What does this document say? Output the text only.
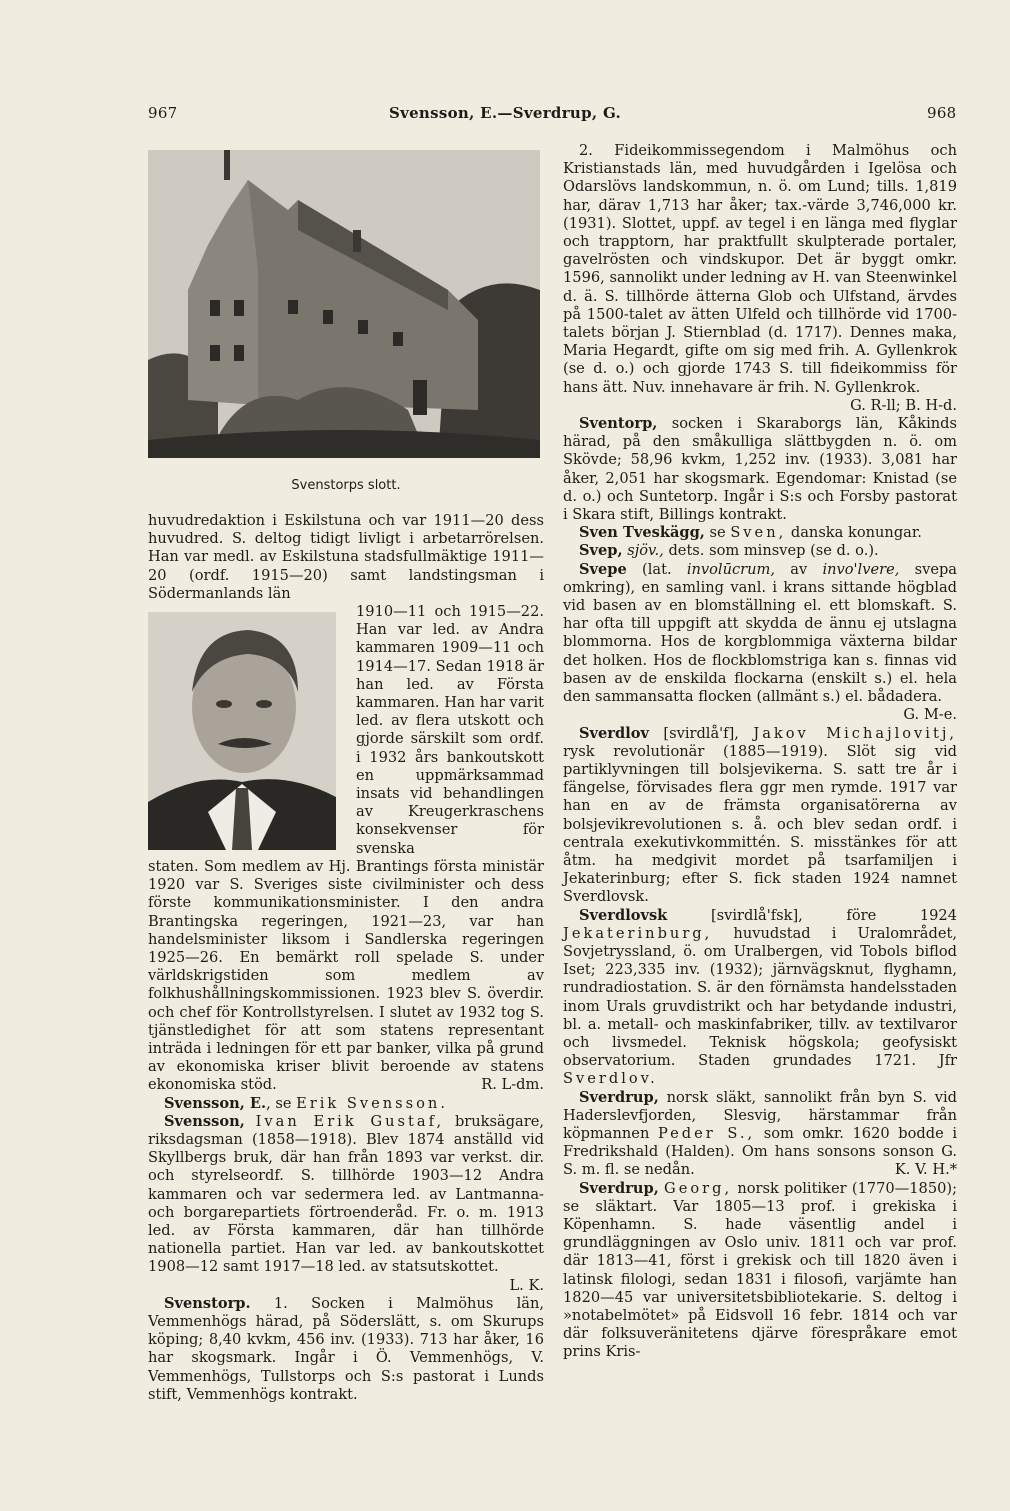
967	Svensson, E.—Sverdrup, G.	968
Svenstorps slott.

huvudredaktion i Eskilstuna och var 1911—20 dess huvudred. S. deltog tidigt livligt i arbetarrörelsen. Han var medl. av Eskilstuna stadsfullmäktige 1911—20 (ordf. 1915—20) samt landstingsman i Södermanlands län

1910—11 och 1915—22. Han var led. av Andra kammaren 1909—11 och 1914—17. Sedan 1918 är han led. av Första kammaren. Han har varit led. av flera utskott och gjorde särskilt som ordf. i 1932 års bankoutskott en uppmärksammad insats vid behandlingen av Kreugerkraschens konsekvenser för svenska

staten. Som medlem av Hj. Brantings första ministär 1920 var S. Sveriges siste civilminister och dess förste kommunikationsminister. I den andra Brantingska regeringen, 1921—23, var han handelsminister liksom i Sandlerska regeringen 1925—26. En bemärkt roll spelade S. under världskrigstiden som medlem av folkhushållningskommissionen. 1923 blev S. överdir. och chef för Kontrollstyrelsen. I slutet av 1932 tog S. tjänstledighet för att som statens representant inträda i ledningen för ett par banker, vilka på grund av ekonomiska kriser blivit beroende av statens ekonomiska stöd.	R. L-dm.

Svensson, E., se Erik Svensson.

Svensson, Ivan Erik Gustaf, bruksägare, riksdagsman (1858—1918). Blev 1874 anställd vid Skyllbergs bruk, där han från 1893 var verkst. dir. och styrelseordf. S. tillhörde 1903—12 Andra kammaren och var sedermera led. av Lantmanna- och borgarepartiets förtroenderåd. Fr. o. m. 1913 led. av Första kammaren, där han tillhörde nationella partiet. Han var led. av bankoutskottet 1908—12 samt 1917—18 led. av statsutskottet.
L. K.

Svenstorp. 1. Socken i Malmöhus län, Vemmenhögs härad, på Söderslätt, s. om Skurups köping; 8,40 kvkm, 456 inv. (1933). 713 har åker, 16 har skogsmark. Ingår i Ö. Vemmenhögs, V. Vemmenhögs, Tullstorps och S:s pastorat i Lunds stift, Vemmenhögs kontrakt.

2. Fideikommissegendom i Malmöhus och Kristianstads län, med huvudgården i Igelösa och Odarslövs landskommun, n. ö. om Lund; tills. 1,819 har, därav 1,713 har åker; tax.-värde 3,746,000 kr. (1931). Slottet, uppf. av tegel i en länga med flyglar och trapptorn, har praktfullt skulpterade portaler, gavelrösten och vindskupor. Det är byggt omkr. 1596, sannolikt under ledning av H. van Steenwinkel d. ä. S. tillhörde ätterna Glob och Ulfstand, ärvdes på 1500-talet av ätten Ulfeld och tillhörde vid 1700-talets början J. Stiernblad (d. 1717). Dennes maka, Maria Hegardt, gifte om sig med frih. A. Gyllenkrok (se d. o.) och gjorde 1743 S. till fideikommiss för hans ätt. Nuv. innehavare är frih. N. Gyllenkrok.
G. R-ll; B. H-d.

Sventorp, socken i Skaraborgs län, Kåkinds härad, på den småkulliga slättbygden n. ö. om Skövde; 58,96 kvkm, 1,252 inv. (1933). 3,081 har åker, 2,051 har skogsmark. Egendomar: Knistad (se d. o.) och Suntetorp. Ingår i S:s och Forsby pastorat i Skara stift, Billings kontrakt.

Sven Tveskägg, se Sven, danska konungar.

Svep, sjöv., dets. som minsvep (se d. o.).

Svepe (lat. involūcrum, av invo'lvere, svepa omkring), en samling vanl. i krans sittande högblad vid basen av en blomställning el. ett blomskaft. S. har ofta till uppgift att skydda de ännu ej utslagna blommorna. Hos de korgblommiga växterna bildar det holken. Hos de flockblomstriga kan s. finnas vid basen av de enskilda flockarna (enskilt s.) el. hela den sammansatta flocken (allmänt s.) el. bådadera.
G. M-e.

Sverdlov [svirdlå'f], Jakov Michajlovitj, rysk revolutionär (1885—1919). Slöt sig vid partiklyvningen till bolsjevikerna. S. satt tre år i fängelse, förvisades flera ggr men rymde. 1917 var han en av de främsta organisatörerna av bolsjevikrevolutionen s. å. och blev sedan ordf. i centrala exekutivkommittén. S. misstänkes för att åtm. ha medgivit mordet på tsarfamiljen i Jekaterinburg; efter S. fick staden 1924 namnet Sverdlovsk.

Sverdlovsk	[svirdlå'fsk], före 1924 Jekaterinburg, huvudstad i Uralområdet, Sovjetryssland, ö. om Uralbergen, vid Tobols biflod Iset; 223,335 inv. (1932); järnvägsknut, flyghamn, rundradiostation. S. är den förnämsta handelsstaden inom Urals gruvdistrikt och har betydande industri, bl. a. metall- och maskinfabriker, tillv. av textilvaror och livsmedel. Teknisk högskola; geofysiskt observatorium. Staden grundades 1721. Jfr Sverdlov.

Sverdrup, norsk släkt, sannolikt från byn S. vid Haderslevfjorden, Slesvig, härstammar från köpmannen Peder S., som omkr. 1620 bodde i Fredrikshald (Halden). Om hans sonsons sonson G. S. m. fl. se nedån.	K. V. H.*

Sverdrup, Georg, norsk politiker (1770—1850); se släktart. Var 1805—13 prof. i grekiska i Köpenhamn. S. hade väsentlig andel i grundläggningen av Oslo univ. 1811 och var prof. där 1813—41, först i grekisk och till 1820 även i latinsk filologi, sedan 1831 i filosofi, varjämte han 1820—45 var universitetsbibliotekarie. S. deltog i »notabelmötet» på Eidsvoll 16 febr. 1814 och var där folksuveränitetens djärve förespråkare emot prins Kris-
